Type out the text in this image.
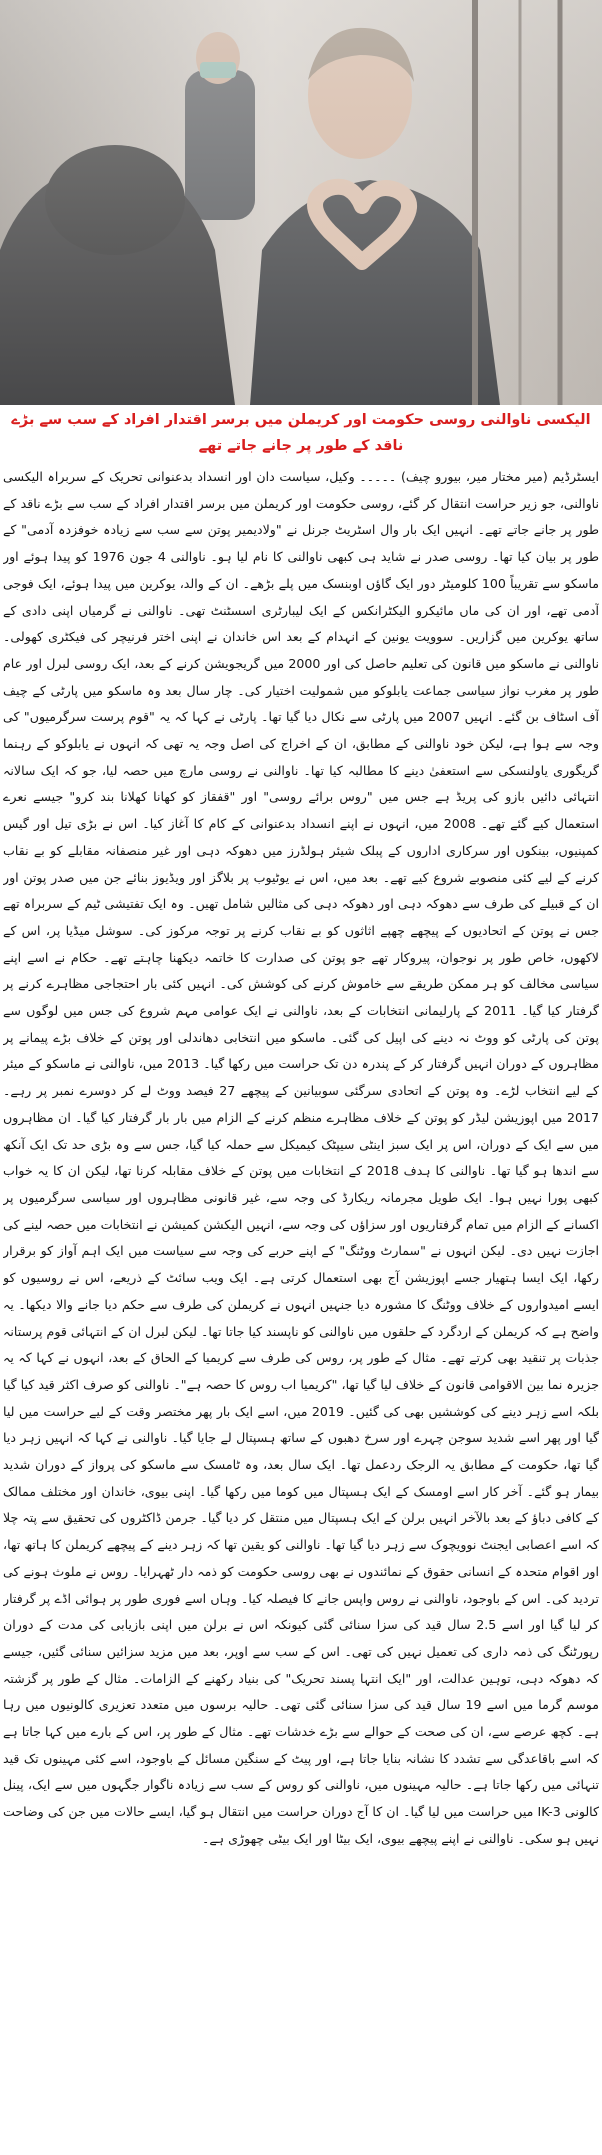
الیکسی ناوالنی روسی حکومت اور کریملن میں برسر اقتدار افراد کے سب سے بڑے ناقد کے طور پر جانے جاتے تھے

ایسٹرڈیم (میر مختار میر، بیورو چیف) ۔۔۔۔۔ وکیل، سیاست دان اور انسداد بدعنوانی تحریک کے سربراہ الیکسی ناوالنی، جو زیر حراست انتقال کر گئے، روسی حکومت اور کریملن میں برسر اقتدار افراد کے سب سے بڑے ناقد کے طور پر جانے جاتے تھے۔ انہیں ایک بار وال اسٹریٹ جرنل نے "ولادیمیر پوتن سے سب سے زیادہ خوفزدہ آدمی" کے طور پر بیان کیا تھا۔ روسی صدر نے شاید ہی کبھی ناوالنی کا نام لیا ہو۔ ناوالنی 4 جون 1976 کو پیدا ہوئے اور ماسکو سے تقریباً 100 کلومیٹر دور ایک گاؤں اوبنسک میں پلے بڑھے۔ ان کے والد، یوکرین میں پیدا ہوئے، ایک فوجی آدمی تھے، اور ان کی ماں مائیکرو الیکٹرانکس کے ایک لیبارٹری اسسٹنٹ تھی۔ ناوالنی نے گرمیاں اپنی دادی کے ساتھ یوکرین میں گزاریں۔ سوویت یونین کے انہدام کے بعد اس خاندان نے اپنی اختر فرنیچر کی فیکٹری کھولی۔ ناوالنی نے ماسکو میں قانون کی تعلیم حاصل کی اور 2000 میں گریجویشن کرنے کے بعد، ایک روسی لبرل اور عام طور پر مغرب نواز سیاسی جماعت یابلوکو میں شمولیت اختیار کی۔ چار سال بعد وہ ماسکو میں پارٹی کے چیف آف اسٹاف بن گئے۔ انہیں 2007 میں پارٹی سے نکال دیا گیا تھا۔ پارٹی نے کہا کہ یہ "قوم پرست سرگرمیوں" کی وجہ سے ہوا ہے، لیکن خود ناوالنی کے مطابق، ان کے اخراج کی اصل وجہ یہ تھی کہ انہوں نے یابلوکو کے رہنما گریگوری یاولنسکی سے استعفیٰ دینے کا مطالبہ کیا تھا۔ ناوالنی نے روسی مارچ میں حصہ لیا، جو کہ ایک سالانہ انتہائی دائیں بازو کی پریڈ ہے جس میں "روس برائے روسی" اور "قفقاز کو کھانا کھلانا بند کرو" جیسے نعرے استعمال کیے گئے تھے۔ 2008 میں، انہوں نے اپنے انسداد بدعنوانی کے کام کا آغاز کیا۔ اس نے بڑی تیل اور گیس کمپنیوں، بینکوں اور سرکاری اداروں کے پبلک شیئر ہولڈرز میں دھوکہ دہی اور غیر منصفانہ مقابلے کو بے نقاب کرنے کے لیے کئی منصوبے شروع کیے تھے۔ بعد میں، اس نے یوٹیوب پر بلاگز اور ویڈیوز بنائے جن میں صدر پوتن اور ان کے قبیلے کی طرف سے دھوکہ دہی اور دھوکہ دہی کی مثالیں شامل تھیں۔ وہ ایک تفتیشی ٹیم کے سربراہ تھے جس نے پوتن کے اتحادیوں کے پیچھے چھپے اثاثوں کو بے نقاب کرنے پر توجہ مرکوز کی۔ سوشل میڈیا پر، اس کے لاکھوں، خاص طور پر نوجوان، پیروکار تھے جو پوتن کی صدارت کا خاتمہ دیکھنا چاہتے تھے۔ حکام نے اسے اپنے سیاسی مخالف کو ہر ممکن طریقے سے خاموش کرنے کی کوشش کی۔ انہیں کئی بار احتجاجی مظاہرے کرنے پر گرفتار کیا گیا۔ 2011 کے پارلیمانی انتخابات کے بعد، ناوالنی نے ایک عوامی مہم شروع کی جس میں لوگوں سے پوتن کی پارٹی کو ووٹ نہ دینے کی اپیل کی گئی۔ ماسکو میں انتخابی دھاندلی اور پوتن کے خلاف بڑے پیمانے پر مظاہروں کے دوران انہیں گرفتار کر کے پندرہ دن تک حراست میں رکھا گیا۔ 2013 میں، ناوالنی نے ماسکو کے میئر کے لیے انتخاب لڑے۔ وہ پوتن کے اتحادی سرگئی سوبیانین کے پیچھے 27 فیصد ووٹ لے کر دوسرے نمبر پر رہے۔ 2017 میں اپوزیشن لیڈر کو پوتن کے خلاف مظاہرے منظم کرنے کے الزام میں بار بار گرفتار کیا گیا۔ ان مظاہروں میں سے ایک کے دوران، اس پر ایک سبز اینٹی سیپٹک کیمیکل سے حملہ کیا گیا، جس سے وہ بڑی حد تک ایک آنکھ سے اندھا ہو گیا تھا۔ ناوالنی کا ہدف 2018 کے انتخابات میں پوتن کے خلاف مقابلہ کرنا تھا، لیکن ان کا یہ خواب کبھی پورا نہیں ہوا۔ ایک طویل مجرمانہ ریکارڈ کی وجہ سے، غیر قانونی مظاہروں اور سیاسی سرگرمیوں پر اکسانے کے الزام میں تمام گرفتاریوں اور سزاؤں کی وجہ سے، انہیں الیکشن کمیشن نے انتخابات میں حصہ لینے کی اجازت نہیں دی۔ لیکن انہوں نے "سمارٹ ووٹنگ" کے اپنے حربے کی وجہ سے سیاست میں ایک اہم آواز کو برقرار رکھا، ایک ایسا ہتھیار جسے اپوزیشن آج بھی استعمال کرتی ہے۔ ایک ویب سائٹ کے ذریعے، اس نے روسیوں کو ایسے امیدواروں کے خلاف ووٹنگ کا مشورہ دیا جنہیں انہوں نے کریملن کی طرف سے حکم دیا جانے والا دیکھا۔ یہ واضح ہے کہ کریملن کے اردگرد کے حلقوں میں ناوالنی کو ناپسند کیا جاتا تھا۔ لیکن لبرل ان کے انتہائی قوم پرستانہ جذبات پر تنقید بھی کرتے تھے۔ مثال کے طور پر، روس کی طرف سے کریمیا کے الحاق کے بعد، انہوں نے کہا کہ یہ جزیرہ نما بین الاقوامی قانون کے خلاف لیا گیا تھا، "کریمیا اب روس کا حصہ ہے"۔ ناوالنی کو صرف اکثر قید کیا گیا بلکہ اسے زہر دینے کی کوششیں بھی کی گئیں۔ 2019 میں، اسے ایک بار پھر مختصر وقت کے لیے حراست میں لیا گیا اور پھر اسے شدید سوجن چہرے اور سرخ دھبوں کے ساتھ ہسپتال لے جایا گیا۔ ناوالنی نے کہا کہ انہیں زہر دیا گیا تھا، حکومت کے مطابق یہ الرجک ردعمل تھا۔ ایک سال بعد، وہ ٹامسک سے ماسکو کی پرواز کے دوران شدید بیمار ہو گئے۔ آخر کار اسے اومسک کے ایک ہسپتال میں کوما میں رکھا گیا۔ اپنی بیوی، خاندان اور مختلف ممالک کے کافی دباؤ کے بعد بالآخر انہیں برلن کے ایک ہسپتال میں منتقل کر دیا گیا۔ جرمن ڈاکٹروں کی تحقیق سے پتہ چلا کہ اسے اعصابی ایجنٹ نوویچوک سے زہر دیا گیا تھا۔ ناوالنی کو یقین تھا کہ زہر دینے کے پیچھے کریملن کا ہاتھ تھا، اور اقوام متحدہ کے انسانی حقوق کے نمائندوں نے بھی روسی حکومت کو ذمہ دار ٹھہرایا۔ روس نے ملوث ہونے کی تردید کی۔ اس کے باوجود، ناوالنی نے روس واپس جانے کا فیصلہ کیا۔ وہاں اسے فوری طور پر ہوائی اڈے پر گرفتار کر لیا گیا اور اسے 2.5 سال قید کی سزا سنائی گئی کیونکہ اس نے برلن میں اپنی بازیابی کی مدت کے دوران رپورٹنگ کی ذمہ داری کی تعمیل نہیں کی تھی۔ اس کے سب سے اوپر، بعد میں مزید سزائیں سنائی گئیں، جیسے کہ دھوکہ دہی، توہین عدالت، اور "ایک انتہا پسند تحریک" کی بنیاد رکھنے کے الزامات۔ مثال کے طور پر گزشتہ موسم گرما میں اسے 19 سال قید کی سزا سنائی گئی تھی۔ حالیہ برسوں میں متعدد تعزیری کالونیوں میں رہا ہے۔ کچھ عرصے سے، ان کی صحت کے حوالے سے بڑے خدشات تھے۔ مثال کے طور پر، اس کے بارے میں کہا جاتا ہے کہ اسے باقاعدگی سے تشدد کا نشانہ بنایا جاتا ہے، اور پیٹ کے سنگین مسائل کے باوجود، اسے کئی مہینوں تک قید تنہائی میں رکھا جاتا ہے۔ حالیہ مہینوں میں، ناوالنی کو روس کے سب سے زیادہ ناگوار جگہوں میں سے ایک، پینل کالونی IK-3 میں حراست میں لیا گیا۔ ان کا آج دوران حراست میں انتقال ہو گیا، ایسے حالات میں جن کی وضاحت نہیں ہو سکی۔ ناوالنی نے اپنے پیچھے بیوی، ایک بیٹا اور ایک بیٹی چھوڑی ہے۔
